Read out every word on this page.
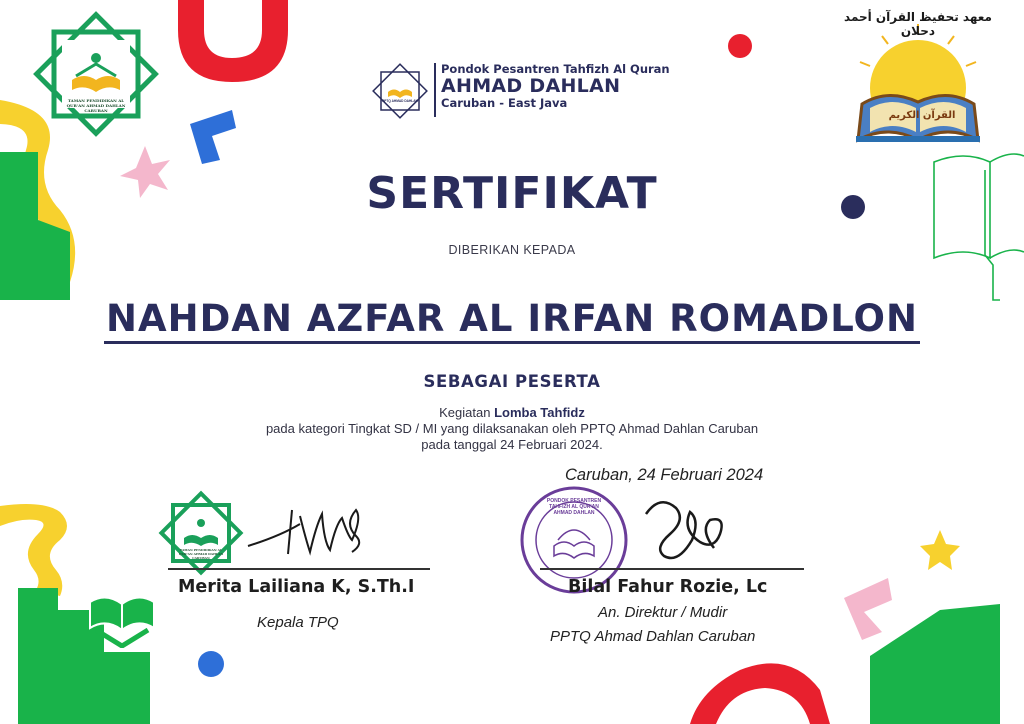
TAMAN PENDIDIKAN AL QUR'AN AHMAD DAHLAN CARUBAN
PPTQ AHMAD DAHLAN
Pondok Pesantren Tahfizh Al Quran
AHMAD DAHLAN
Caruban - East Java
معهد تحفيظ القرآن أحمد دحلان
القرآن الكريم
SERTIFIKAT
DIBERIKAN KEPADA
NAHDAN AZFAR AL IRFAN ROMADLON
SEBAGAI PESERTA
Kegiatan Lomba Tahfidz
pada kategori Tingkat SD / MI yang dilaksanakan oleh PPTQ Ahmad Dahlan Caruban
pada tanggal 24 Februari 2024.
Caruban, 24 Februari 2024
TAMAN PENDIDIKAN AL QUR'AN AHMAD DAHLAN CARUBAN
Merita Lailiana K, S.Th.I
Kepala TPQ
PONDOK PESANTREN TAHFIZH AL QUR'AN AHMAD DAHLAN
Bilal Fahur Rozie, Lc
An. Direktur / Mudir
PPTQ Ahmad Dahlan Caruban
